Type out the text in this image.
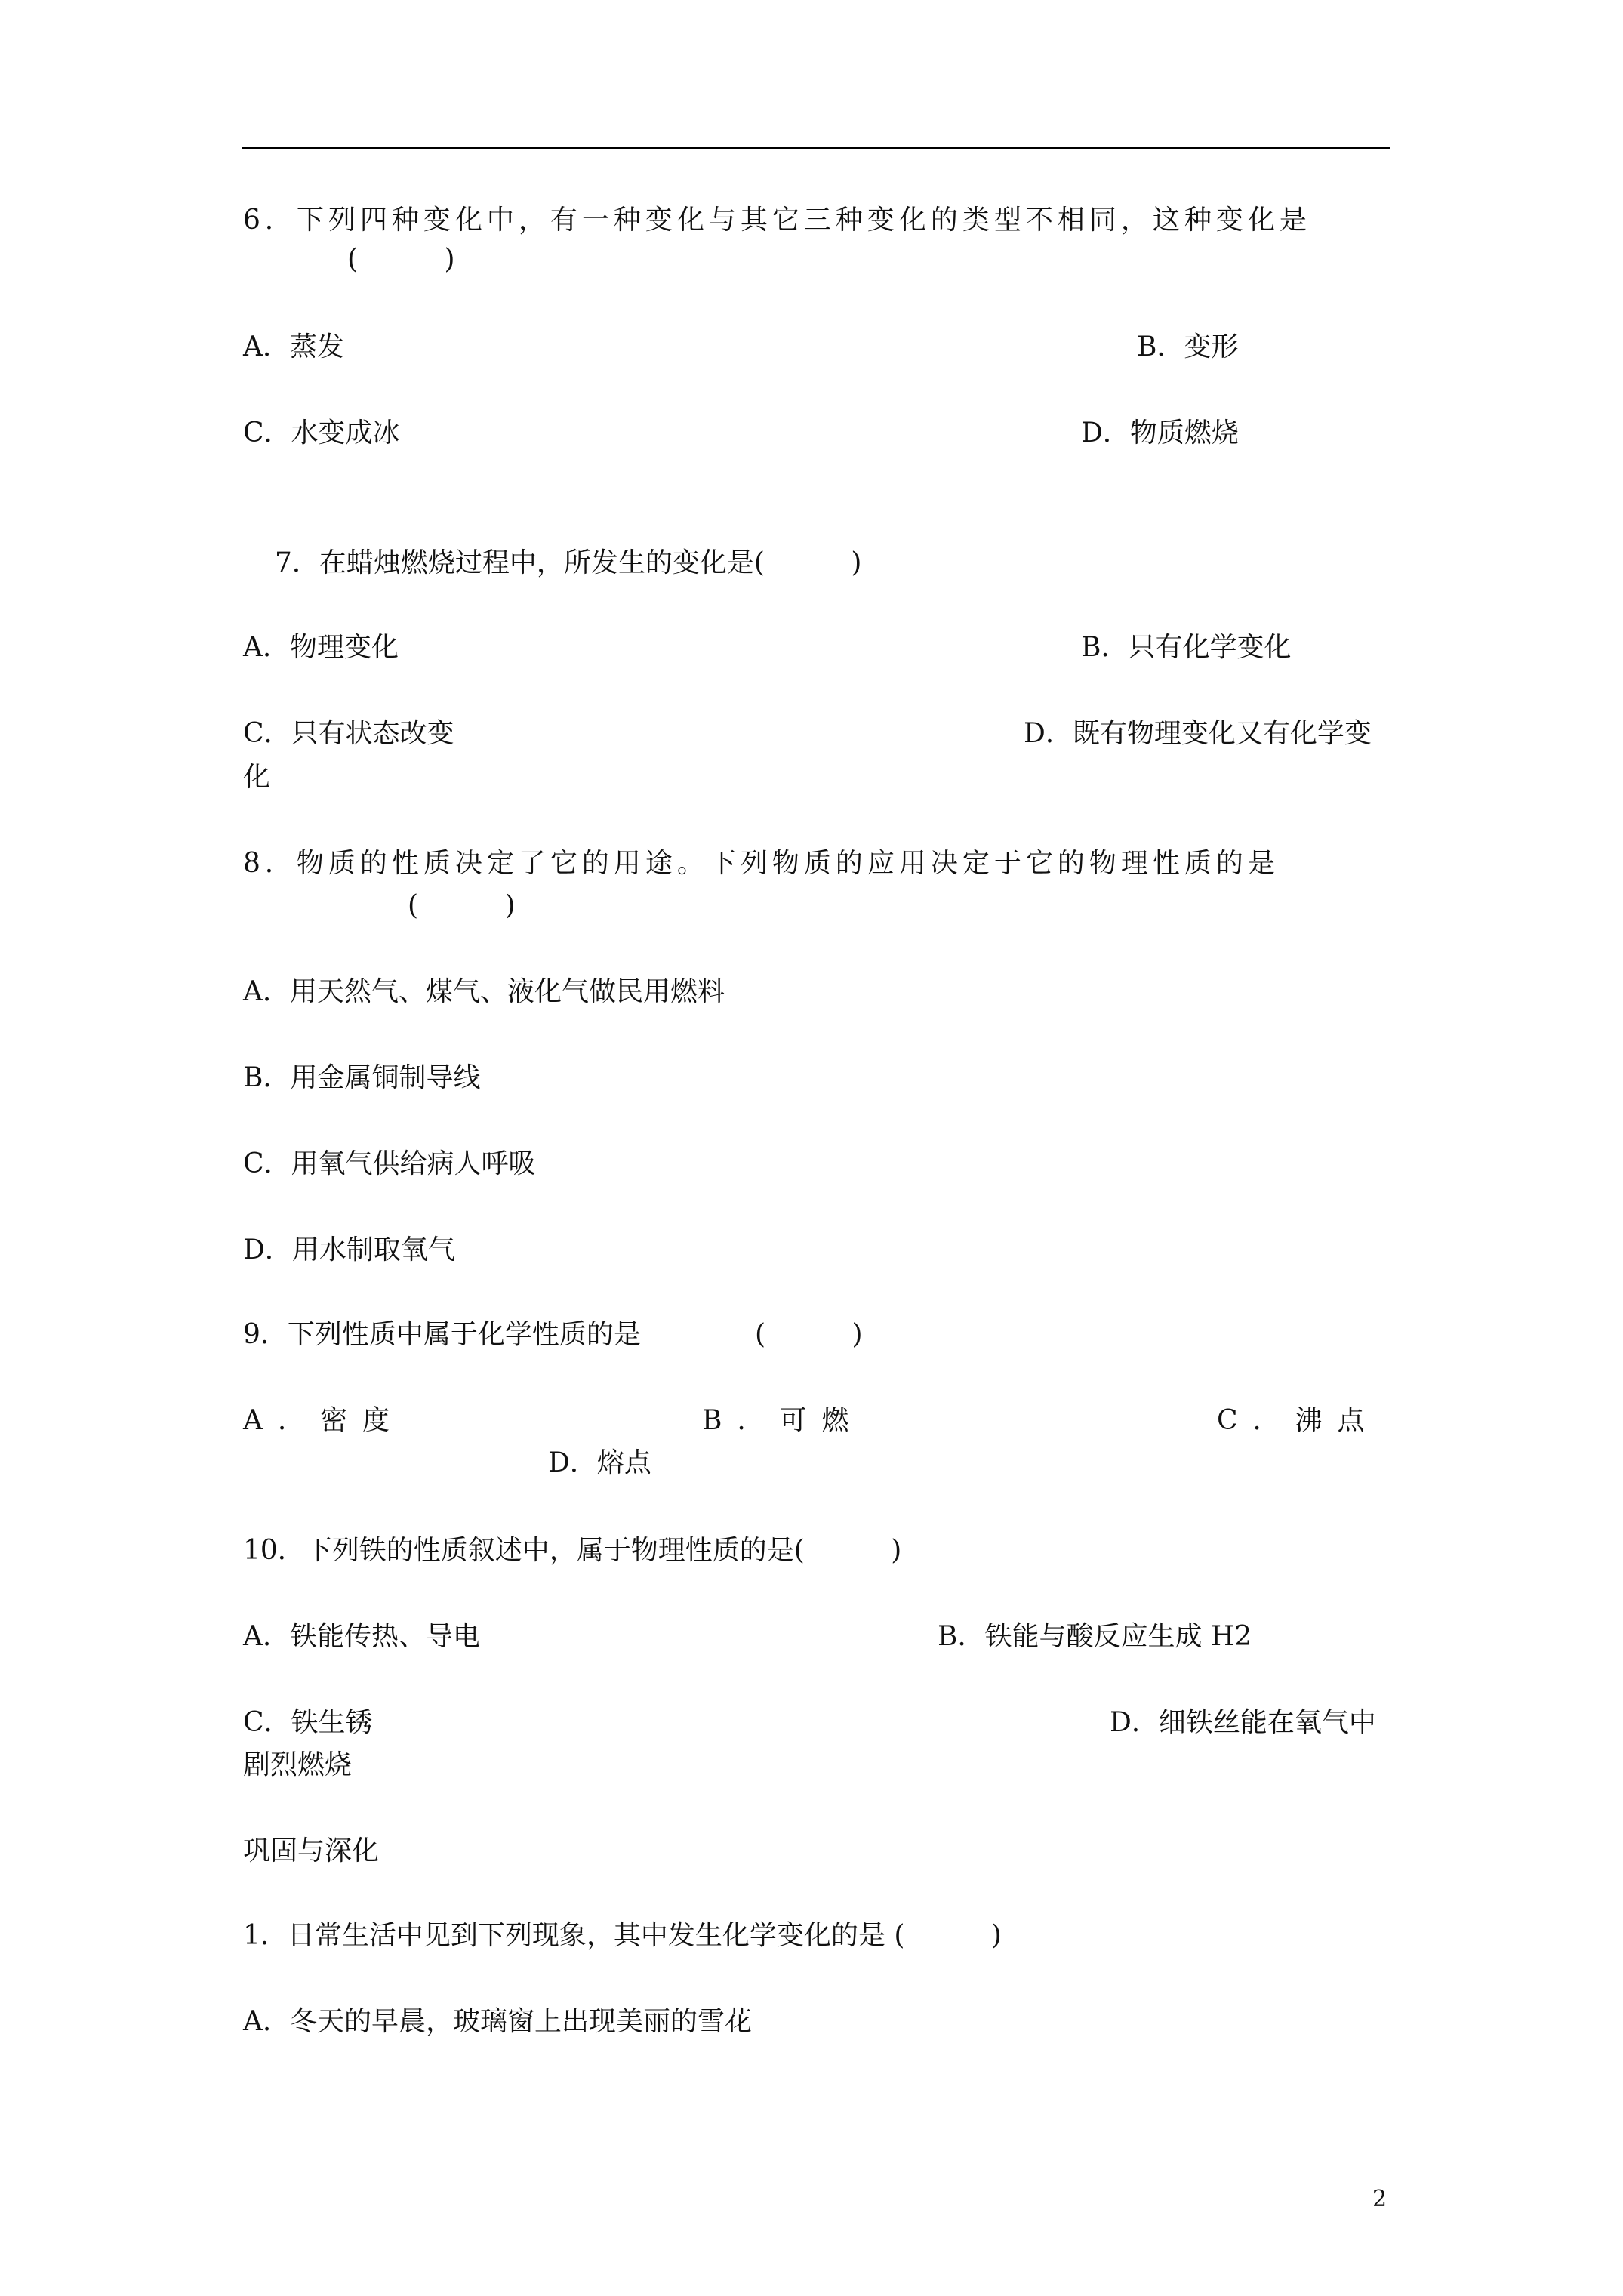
6．下列四种变化中，有一种变化与其它三种变化的类型不相同，这种变化是
(          )
A．蒸发	B．变形
C．水变成冰	D．物质燃烧
7．在蜡烛燃烧过程中，所发生的变化是(          )
A．物理变化	B．只有化学变化
C．只有状态改变	D．既有物理变化又有化学变
化
8．物质的性质决定了它的用途。下列物质的应用决定于它的物理性质的是
(          )
A．用天然气、煤气、液化气做民用燃料
B．用金属铜制导线
C．用氧气供给病人呼吸
D．用水制取氧气
9．下列性质中属于化学性质的是	(          )
A．密度	B．可燃	C．沸点
D．熔点
10．下列铁的性质叙述中，属于物理性质的是(          )
A．铁能传热、导电	B．铁能与酸反应生成 H2
C．铁生锈	D．细铁丝能在氧气中
剧烈燃烧
巩固与深化
1．日常生活中见到下列现象，其中发生化学变化的是 (          )
A．冬天的早晨，玻璃窗上出现美丽的雪花
2
